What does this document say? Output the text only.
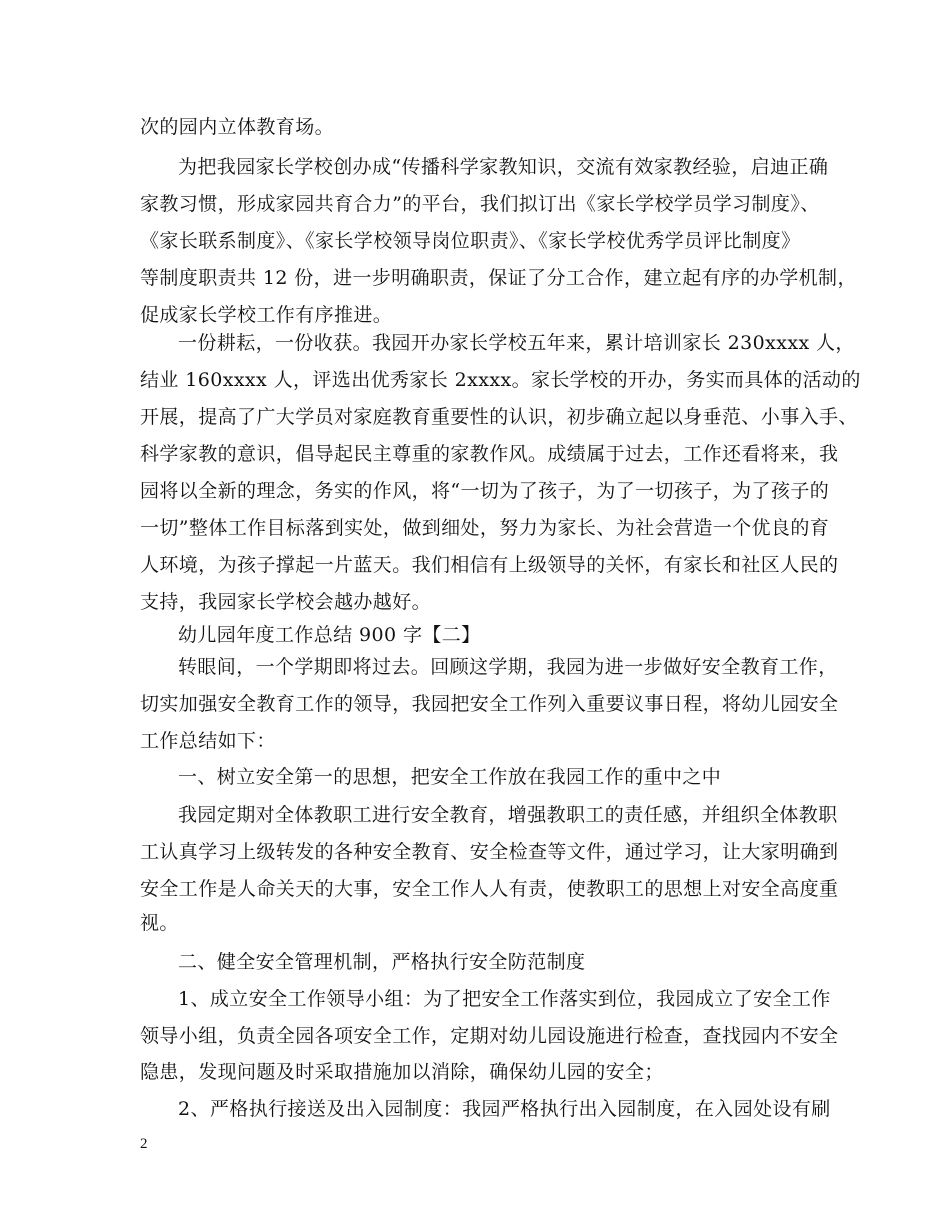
次的园内立体教育场。
为把我园家长学校创办成“传播科学家教知识，交流有效家教经验，启迪正确
家教习惯，形成家园共育合力”的平台，我们拟订出《家长学校学员学习制度》、
《家长联系制度》、《家长学校领导岗位职责》、《家长学校优秀学员评比制度》
等制度职责共 12 份，进一步明确职责，保证了分工合作，建立起有序的办学机制，
促成家长学校工作有序推进。
一份耕耘，一份收获。我园开办家长学校五年来，累计培训家长 230xxxx 人，
结业 160xxxx 人，评选出优秀家长 2xxxx。家长学校的开办，务实而具体的活动的
开展，提高了广大学员对家庭教育重要性的认识，初步确立起以身垂范、小事入手、
科学家教的意识，倡导起民主尊重的家教作风。成绩属于过去，工作还看将来，我
园将以全新的理念，务实的作风，将“一切为了孩子，为了一切孩子，为了孩子的
一切”整体工作目标落到实处，做到细处，努力为家长、为社会营造一个优良的育
人环境，为孩子撑起一片蓝天。我们相信有上级领导的关怀，有家长和社区人民的
支持，我园家长学校会越办越好。
幼儿园年度工作总结 900 字【二】
转眼间，一个学期即将过去。回顾这学期，我园为进一步做好安全教育工作，
切实加强安全教育工作的领导，我园把安全工作列入重要议事日程，将幼儿园安全
工作总结如下：
一、树立安全第一的思想，把安全工作放在我园工作的重中之中
我园定期对全体教职工进行安全教育，增强教职工的责任感，并组织全体教职
工认真学习上级转发的各种安全教育、安全检查等文件，通过学习，让大家明确到
安全工作是人命关天的大事，安全工作人人有责，使教职工的思想上对安全高度重
视。
二、健全安全管理机制，严格执行安全防范制度
1、成立安全工作领导小组：为了把安全工作落实到位，我园成立了安全工作
领导小组，负责全园各项安全工作，定期对幼儿园设施进行检查，查找园内不安全
隐患，发现问题及时采取措施加以消除，确保幼儿园的安全；
2、严格执行接送及出入园制度：我园严格执行出入园制度，在入园处设有刷
2
